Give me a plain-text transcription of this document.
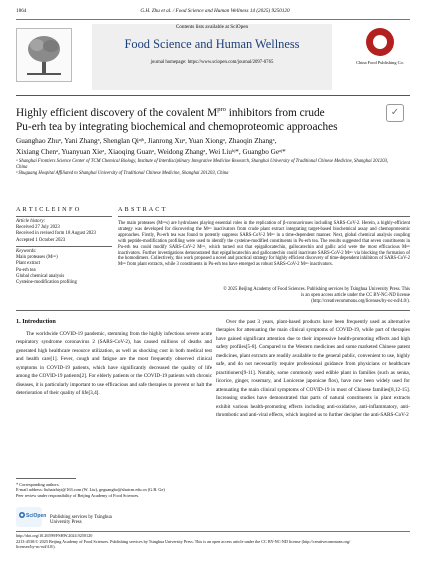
1864	G.H. Zhu et al. / Food Science and Human Wellness 14 (2025) 9250120
Contents lists available at SciOpen
Food Science and Human Wellness
journal homepage: https://www.sciopen.com/journal/2097-0765	China Food Publishing Co.
Highly efficient discovery of the covalent $M^{pro}$ inhibitors from crude
Pu-erh tea by integrating biochemical and chemoproteomic approaches
✓
Guanghao Zhuᵃ, Yani Zhangᵃ, Shenglan Qiᵃʲᵇ, Jianrong Xuᵃ, Yuan Xiongᵃ, Zhaoqin Zhangᵃ,
Xixiang Chenᵃ, Yuanyuan Xieᵃ, Xiaoqing Guanᵃ, Weidong Zhangᵃ, Wei Liuᵇʲ*, Guangbo Geᵃʲ*
ᵃ Shanghai Frontiers Science Center of TCM Chemical Biology, Institute of Interdisciplinary Integrative Medicine Research, Shanghai University of Traditional Chinese Medicine, Shanghai 201203, China
ᵇ Shuguang Hospital Affiliated to Shanghai University of Traditional Chinese Medicine, Shanghai 201203, China
A R T I C L E I N F O
Article history:
Received 27 July 2023
Received in revised form 18 August 2023
Accepted 1 October 2023
Keywords:
Main proteases (Mᵖʳᵒ)
Plant extract
Pu-erh tea
Global chemical analysis
Cysteine-modification profiling
A B S T R A C T
The main proteases (Mᵖʳᵒs) are hydrolases playing essential roles in the replication of β-coronaviruses including SARS-CoV-2. Herein, a highly-efficient strategy was developed for discovering the Mᵖʳᵒ inactivators from crude plant extract integrating target-based biochemical assay and chemoproteomic approaches. Firstly, Pu-erh tea was found to potently suppress SARS-CoV-2 Mᵖʳᵒ in a time-dependent manner. Next, global chemical analysis coupling with peptide-modification profiling were used to identify the cysteine-modified constituents in Pu-erh tea. The results suggested that seven constituents in Pu-erh tea could modify SARS-CoV-2 Mᵖʳᵒ, which turned out that epigallocatechin, gallocatechin and gallic acid were the most efficacious Mᵖʳᵒ inactivators. Further investigations demonstrated that epigallocatechin and gallocatechin could inactivate SARS-CoV-2 Mᵖʳᵒ via blocking the formation of the homodimers. Collectively, this work proposed a novel and practical strategy for highly efficient discovery of time-dependent inhibitors of SARS-CoV-2 Mᵖʳᵒ from plant extracts, while 3 constituents in Pu-erh tea have emerged as robust SARS-CoV-2 Mᵖʳᵒ inactivators.
© 2025 Beijing Academy of Food Sciences. Publishing services by Tsinghua University Press. This
is an open access article under the CC BY-NC-ND license
(http://creativecommons.org/licenses/by-nc-nd/4.0/).
1. Introduction
The worldwide COVID-19 pandemic, stemming from the highly infectious severe acute respiratory syndrome coronavirus 2 (SARS-CoV-2), has caused millions of deaths and generated high healthcare resource utilization, as well as shocking cost in both medical test and health care[1]. Fever, cough and fatigue are the most frequently observed clinical symptoms in COVID-19 patients, which have significantly decreased the quality of life among the COVID-19 patients[2]. For elderly patients or the COVID-19 patients with chronic diseases, it is particularly important to use efficacious and safe therapies to prevent or halt the deterioration of their quality of life[3,4].
Over the past 3 years, plant-based products have been frequently used as alternative therapies for attenuating the main clinical symptoms of COVID-19, while part of therapies have gained significant attention due to their impressive health-promoting effects and high safety profiles[5-8]. Compared to the Western medicines and some marketed Chinese patent medicines, plant extracts are readily available to the general public, convenient to use, highly safe, and do not necessarily require professional guidance from physicians or healthcare practitioners[9-11]. Notably, some commonly used edible plant in families (such as senna, licorice, ginger, rosemary, and Lonicerae japonicae flos), have now been widely used for attenuating the main clinical symptoms of COVID-19 in most of Chinese families[8,12-15]. Increasing studies have demonstrated that parts of natural constituents in plant extracts exhibit various health-promoting effects including anti-oxidative, anti-inflammatory, anti-thrombotic and anti-viral effects, which inspired us to further decipher the anti-SARS-CoV-2
* Corresponding authors.
E-mail address: liuhaizhiyi@163.com (W. Liu), geguangbo@shutcm.edu.cn (G.B. Ge)
Peer review under responsibility of Beijing Academy of Food Sciences.
SciOpen Publishing services by Tsinghua University Press
http://doi.org/10.26599/FSHW.2024.9250120
2213-4530/© 2025 Beijing Academy of Food Sciences. Publishing services by Tsinghua University Press. This is an open access article under the CC BY-NC-ND license (http://creativecommons.org/
licenses/by-nc-nd/4.0/).
